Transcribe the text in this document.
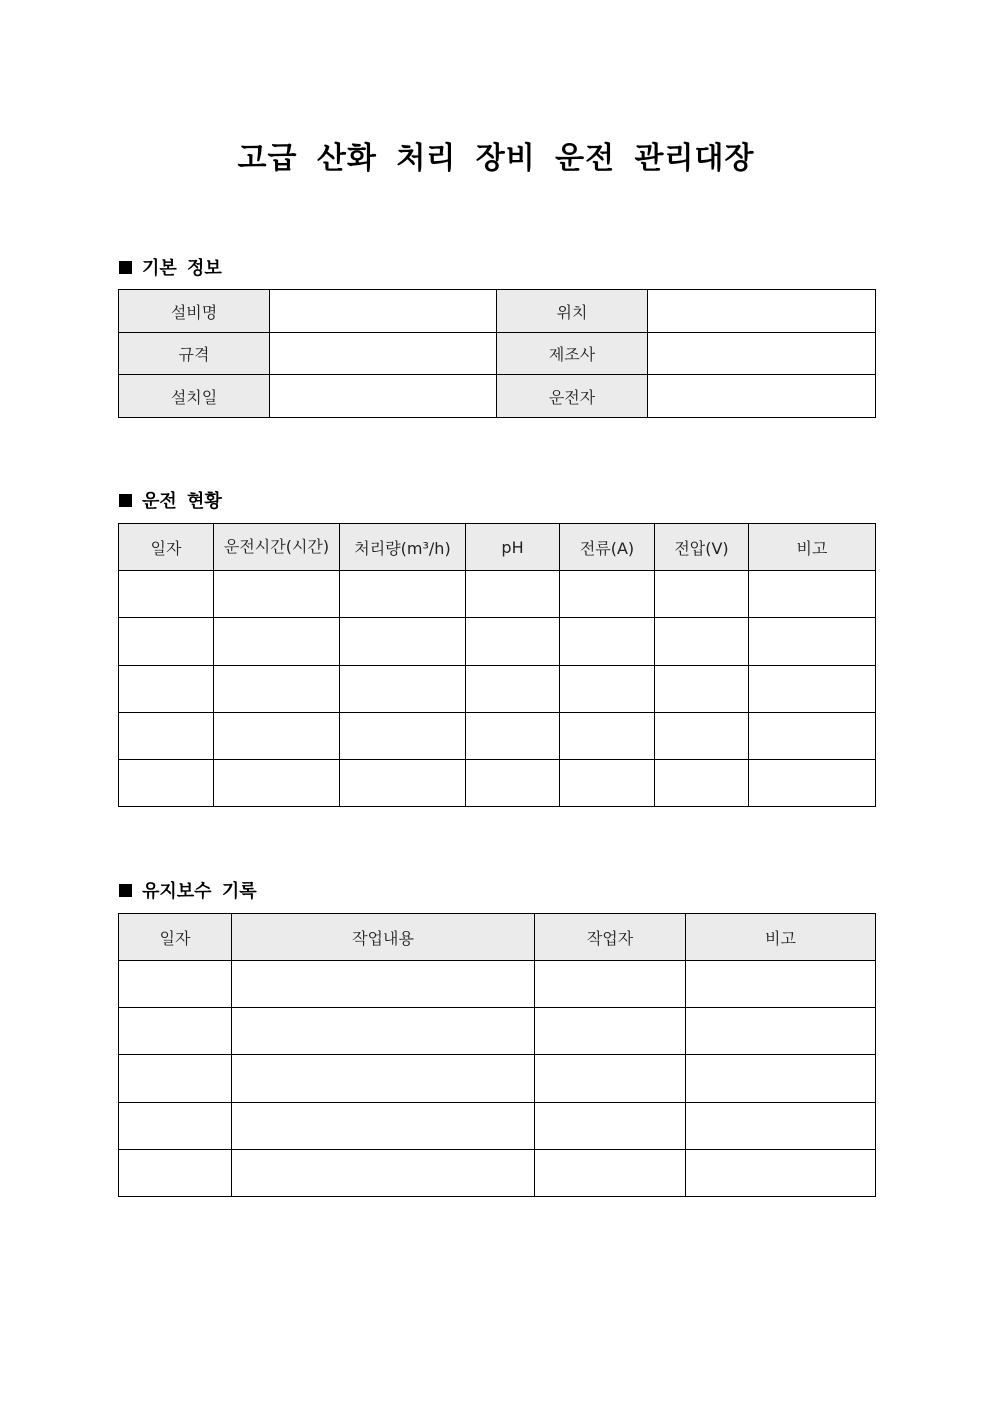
고급 산화 처리 장비 운전 관리대장
기본 정보
설비명		위치	
규격		제조사	
설치일		운전자	
운전 현황
일자	운전시간(시간)	처리량(m³/h)	pH	전류(A)	전압(V)	비고

유지보수 기록
일자	작업내용	작업자	비고
